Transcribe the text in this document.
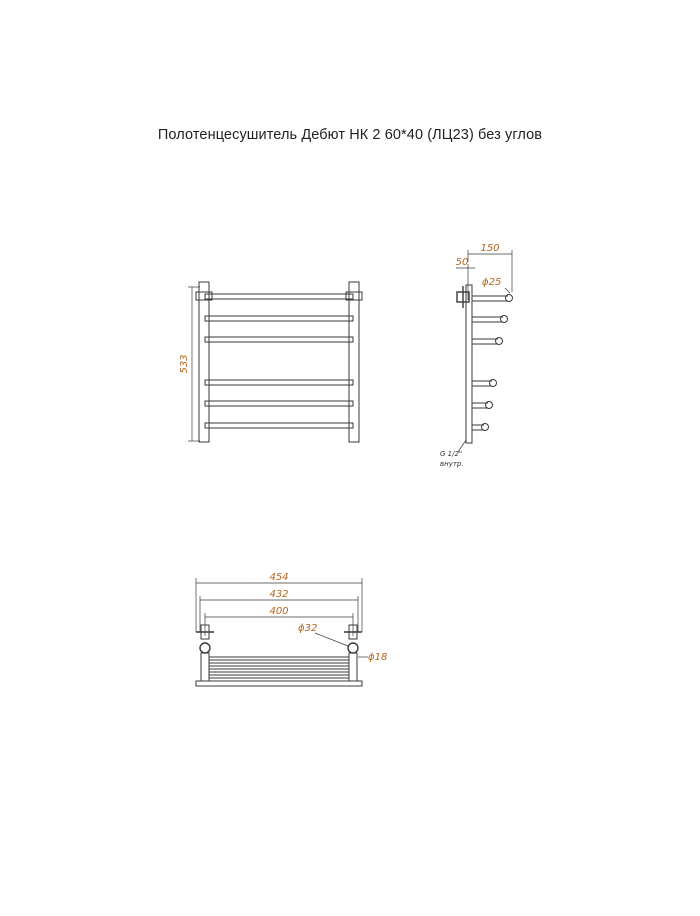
Полотенцесушитель Дебют НК 2 60*40 (ЛЦ23) без углов
533
150
50
ϕ25
G 1/2"
внутр.
454
432
400
ϕ32
ϕ18
